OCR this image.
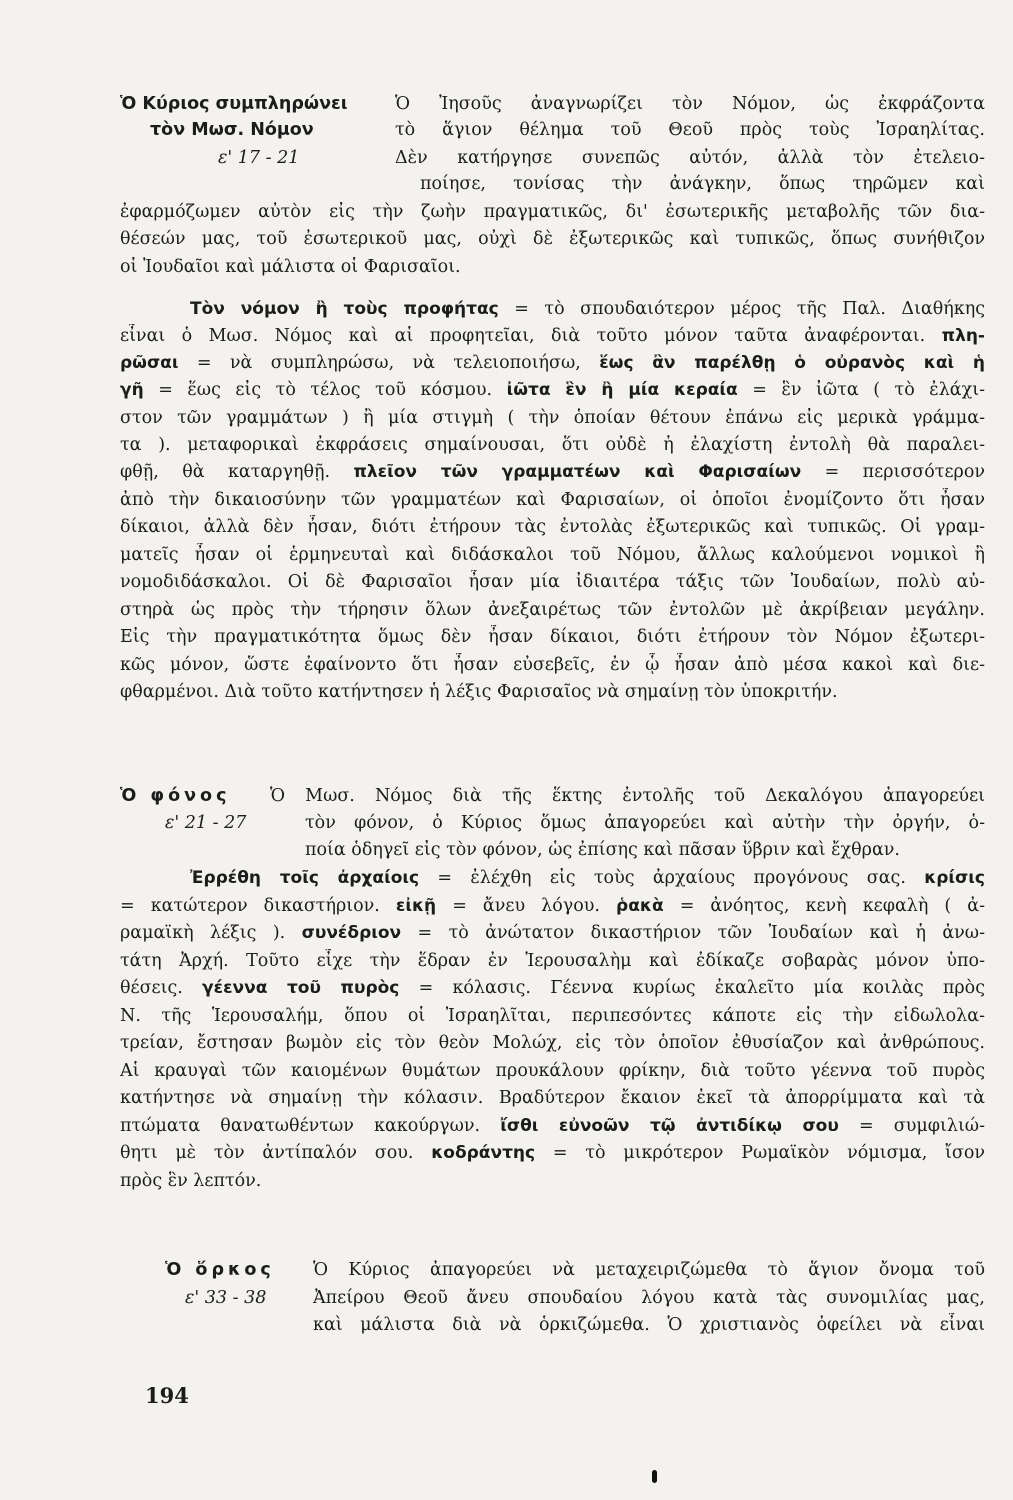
Ὁ Κύριος συμπληρώνει
τὸν Μωσ. Νόμον
ε' 17 - 21
Ὁ Ἰησοῦς ἀναγνωρίζει τὸν Νόμον, ὡς ἐκφράζοντα
τὸ ἅγιον θέλημα τοῦ Θεοῦ πρὸς τοὺς Ἰσραηλίτας.
Δὲν κατήργησε συνεπῶς αὐτόν, ἀλλὰ τὸν ἐτελειο-
ποίησε, τονίσας τὴν ἀνάγκην, ὅπως τηρῶμεν καὶ
ἐφαρμόζωμεν αὐτὸν εἰς τὴν ζωὴν πραγματικῶς, δι' ἐσωτερικῆς μεταβολῆς τῶν δια-
θέσεών μας, τοῦ ἐσωτερικοῦ μας, οὐχὶ δὲ ἐξωτερικῶς καὶ τυπικῶς, ὅπως συνήθιζον
οἱ Ἰουδαῖοι καὶ μάλιστα οἱ Φαρισαῖοι.
Τὸν νόμον ἢ τοὺς προφήτας = τὸ σπουδαιότερον μέρος τῆς Παλ. Διαθήκης
εἶναι ὁ Μωσ. Νόμος καὶ αἱ προφητεῖαι, διὰ τοῦτο μόνον ταῦτα ἀναφέρονται. πλη-
ρῶσαι = νὰ συμπληρώσω, νὰ τελειοποιήσω, ἕως ἂν παρέλθῃ ὁ οὐρανὸς καὶ ἡ
γῆ = ἕως εἰς τὸ τέλος τοῦ κόσμου. ἰῶτα ἓν ἢ μία κεραία = ἓν ἰῶτα ( τὸ ἐλάχι-
στον τῶν γραμμάτων ) ἢ μία στιγμὴ ( τὴν ὁποίαν θέτουν ἐπάνω εἰς μερικὰ γράμμα-
τα ). μεταφορικαὶ ἐκφράσεις σημαίνουσαι, ὅτι οὐδὲ ἡ ἐλαχίστη ἐντολὴ θὰ παραλει-
φθῇ, θὰ καταργηθῇ. πλεῖον τῶν γραμματέων καὶ Φαρισαίων = περισσότερον
ἀπὸ τὴν δικαιοσύνην τῶν γραμματέων καὶ Φαρισαίων, οἱ ὁποῖοι ἐνομίζοντο ὅτι ἦσαν
δίκαιοι, ἀλλὰ δὲν ἦσαν, διότι ἐτήρουν τὰς ἐντολὰς ἐξωτερικῶς καὶ τυπικῶς. Οἱ γραμ-
ματεῖς ἦσαν οἱ ἑρμηνευταὶ καὶ διδάσκαλοι τοῦ Νόμου, ἄλλως καλούμενοι νομικοὶ ἢ
νομοδιδάσκαλοι. Οἱ δὲ Φαρισαῖοι ἦσαν μία ἰδιαιτέρα τάξις τῶν Ἰουδαίων, πολὺ αὐ-
στηρὰ ὡς πρὸς τὴν τήρησιν ὅλων ἀνεξαιρέτως τῶν ἐντολῶν μὲ ἀκρίβειαν μεγάλην.
Εἰς τὴν πραγματικότητα ὅμως δὲν ἦσαν δίκαιοι, διότι ἐτήρουν τὸν Νόμον ἐξωτερι-
κῶς μόνον, ὥστε ἐφαίνοντο ὅτι ἦσαν εὐσεβεῖς, ἐν ᾧ ἦσαν ἀπὸ μέσα κακοὶ καὶ διε-
φθαρμένοι. Διὰ τοῦτο κατήντησεν ἡ λέξις Φαρισαῖος νὰ σημαίνῃ τὸν ὑποκριτήν.
Ὁ φόνος
ε' 21 - 27
Ὁ Μωσ. Νόμος διὰ τῆς ἕκτης ἐντολῆς τοῦ Δεκαλόγου ἀπαγορεύει
τὸν φόνον, ὁ Κύριος ὅμως ἀπαγορεύει καὶ αὐτὴν τὴν ὀργήν, ὁ-
ποία ὁδηγεῖ εἰς τὸν φόνον, ὡς ἐπίσης καὶ πᾶσαν ὕβριν καὶ ἔχθραν.
Ἐρρέθη τοῖς ἀρχαίοις = ἐλέχθη εἰς τοὺς ἀρχαίους προγόνους σας. κρίσις
= κατώτερον δικαστήριον. εἰκῇ = ἄνευ λόγου. ῥακὰ = ἀνόητος, κενὴ κεφαλὴ ( ἀ-
ραμαϊκὴ λέξις ). συνέδριον = τὸ ἀνώτατον δικαστήριον τῶν Ἰουδαίων καὶ ἡ ἀνω-
τάτη Ἀρχή. Τοῦτο εἶχε τὴν ἕδραν ἐν Ἱερουσαλὴμ καὶ ἐδίκαζε σοβαρὰς μόνον ὑπο-
θέσεις. γέεννα τοῦ πυρὸς = κόλασις. Γέεννα κυρίως ἐκαλεῖτο μία κοιλὰς πρὸς
Ν. τῆς Ἱερουσαλήμ, ὅπου οἱ Ἰσραηλῖται, περιπεσόντες κάποτε εἰς τὴν εἰδωλολα-
τρείαν, ἔστησαν βωμὸν εἰς τὸν θεὸν Μολώχ, εἰς τὸν ὁποῖον ἐθυσίαζον καὶ ἀνθρώπους.
Αἱ κραυγαὶ τῶν καιομένων θυμάτων προυκάλουν φρίκην, διὰ τοῦτο γέεννα τοῦ πυρὸς
κατήντησε νὰ σημαίνῃ τὴν κόλασιν. Βραδύτερον ἔκαιον ἐκεῖ τὰ ἀπορρίμματα καὶ τὰ
πτώματα θανατωθέντων κακούργων. ἴσθι εὐνοῶν τῷ ἀντιδίκῳ σου = συμφιλιώ-
θητι μὲ τὸν ἀντίπαλόν σου. κοδράντης = τὸ μικρότερον Ρωμαϊκὸν νόμισμα, ἴσον
πρὸς ἓν λεπτόν.
Ὁ ὅρκος
ε' 33 - 38
Ὁ Κύριος ἀπαγορεύει νὰ μεταχειριζώμεθα τὸ ἅγιον ὄνομα τοῦ
Ἀπείρου Θεοῦ ἄνευ σπουδαίου λόγου κατὰ τὰς συνομιλίας μας,
καὶ μάλιστα διὰ νὰ ὁρκιζώμεθα. Ὁ χριστιανὸς ὀφείλει νὰ εἶναι
194
